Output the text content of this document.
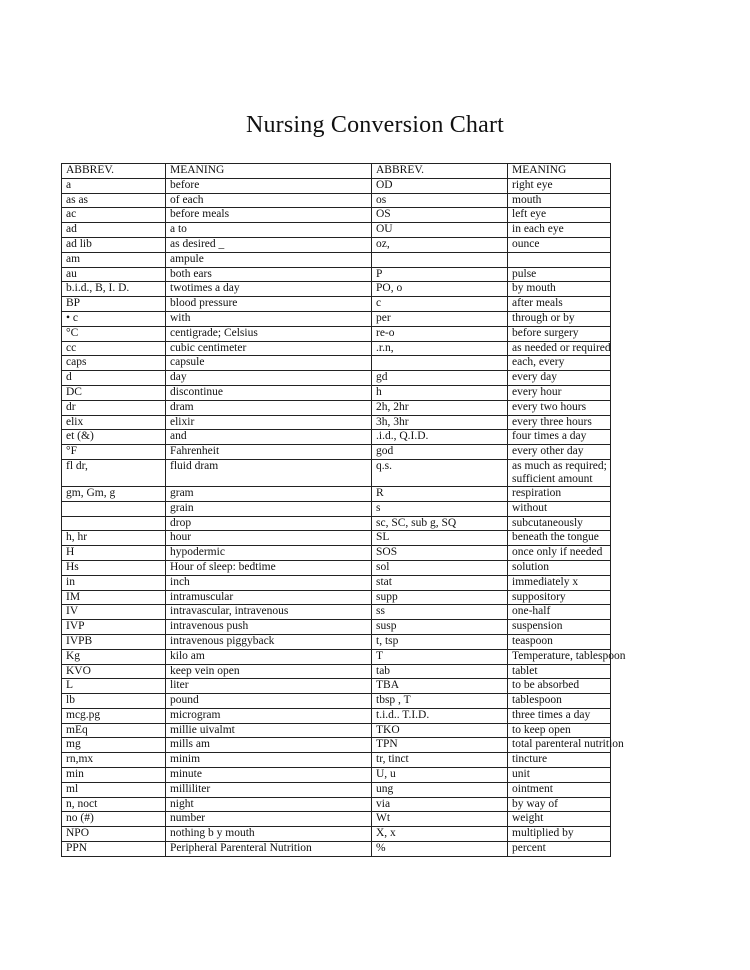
Nursing Conversion Chart
ABBREV.	MEANING	ABBREV.	MEANING
a	before	OD	right eye
as as	of each	os	mouth
ac	before meals	OS	left eye
ad	a to	OU	in each eye
ad lib	as desired _	oz,	ounce
am	ampule		
au	both ears	P	pulse
b.i.d., B, I. D.	twotimes a day	PO, o	by mouth
BP	blood pressure	c	after meals
• c	with	per	through or by
°C	centigrade; Celsius	re-o	before surgery
cc	cubic centimeter	.r.n,	as needed or required
caps	capsule		each, every
d	day	gd	every day
DC	discontinue	h	every hour
dr	dram	2h, 2hr	every two hours
elix	elixir	3h, 3hr	every three hours
et (&)	and	.i.d., Q.I.D.	four times a day
°F	Fahrenheit	god	every other day
fl dr,	fluid dram	q.s.	as much as required; sufficient amount
gm, Gm, g	gram	R	respiration
	grain	s	without
	drop	sc, SC, sub g, SQ	subcutaneously
h, hr	hour	SL	beneath the tongue
H	hypodermic	SOS	once only if needed
Hs	Hour of sleep: bedtime	sol	solution
in	inch	stat	immediately x
IM	intramuscular	supp	suppository
IV	intravascular, intravenous	ss	one-half
IVP	intravenous push	susp	suspension
IVPB	intravenous piggyback	t, tsp	teaspoon
Kg	kilo am	T	Temperature, tablespoon
KVO	keep vein open	tab	tablet
L	liter	TBA	to be absorbed
lb	pound	tbsp , T	tablespoon
mcg.pg	microgram	t.i.d.. T.I.D.	three times a day
mEq	millie uivalmt	TKO	to keep open
mg	mills am	TPN	total parenteral nutrition
rn,mx	minim	tr, tinct	tincture
min	minute	U, u	unit
ml	milliliter	ung	ointment
n, noct	night	via	by way of
no (#)	number	Wt	weight
NPO	nothing b y mouth	X, x	multiplied by
PPN	Peripheral Parenteral Nutrition	%	percent
